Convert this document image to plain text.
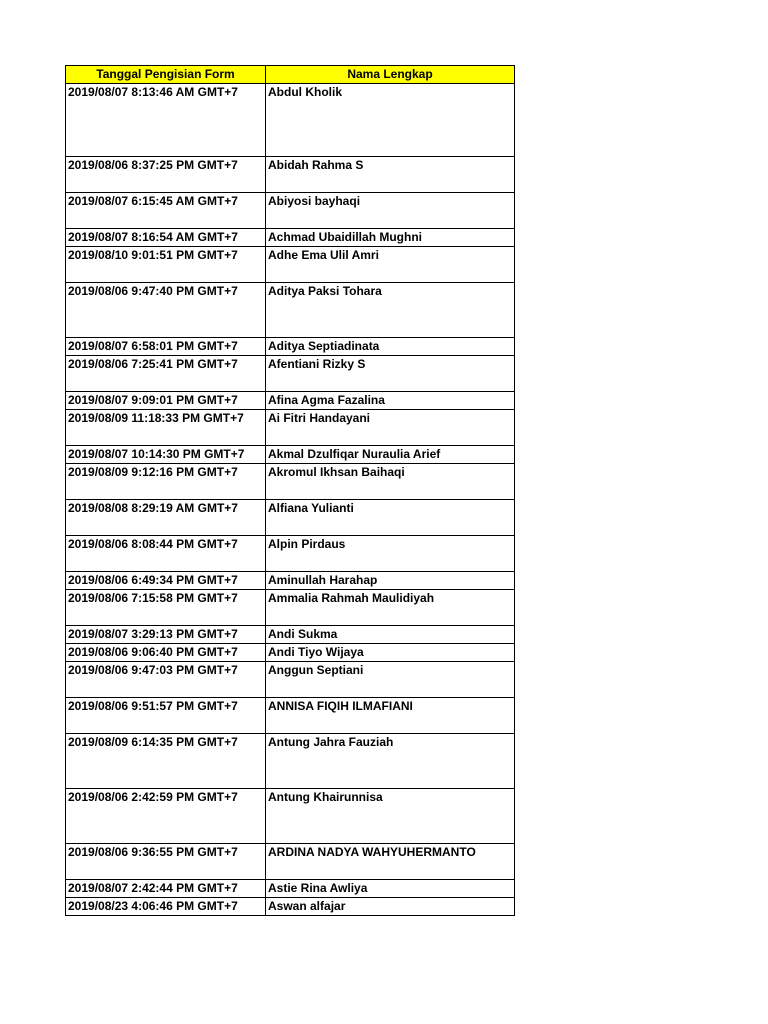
Tanggal Pengisian Form	Nama Lengkap
2019/08/07 8:13:46 AM GMT+7	Abdul Kholik
2019/08/06 8:37:25 PM GMT+7	Abidah Rahma S
2019/08/07 6:15:45 AM GMT+7	Abiyosi bayhaqi
2019/08/07 8:16:54 AM GMT+7	Achmad Ubaidillah Mughni
2019/08/10 9:01:51 PM GMT+7	Adhe Ema Ulil Amri
2019/08/06 9:47:40 PM GMT+7	Aditya Paksi Tohara
2019/08/07 6:58:01 PM GMT+7	Aditya Septiadinata
2019/08/06 7:25:41 PM GMT+7	Afentiani Rizky S
2019/08/07 9:09:01 PM GMT+7	Afina Agma Fazalina
2019/08/09 11:18:33 PM GMT+7	Ai Fitri Handayani
2019/08/07 10:14:30 PM GMT+7	Akmal Dzulfiqar Nuraulia Arief
2019/08/09 9:12:16 PM GMT+7	Akromul Ikhsan Baihaqi
2019/08/08 8:29:19 AM GMT+7	Alfiana Yulianti
2019/08/06 8:08:44 PM GMT+7	Alpin Pirdaus
2019/08/06 6:49:34 PM GMT+7	Aminullah Harahap
2019/08/06 7:15:58 PM GMT+7	Ammalia Rahmah Maulidiyah
2019/08/07 3:29:13 PM GMT+7	Andi Sukma
2019/08/06 9:06:40 PM GMT+7	Andi Tiyo Wijaya
2019/08/06 9:47:03 PM GMT+7	Anggun Septiani
2019/08/06 9:51:57 PM GMT+7	ANNISA FIQIH ILMAFIANI
2019/08/09 6:14:35 PM GMT+7	Antung Jahra Fauziah
2019/08/06 2:42:59 PM GMT+7	Antung Khairunnisa
2019/08/06 9:36:55 PM GMT+7	ARDINA NADYA WAHYUHERMANTO
2019/08/07 2:42:44 PM GMT+7	Astie Rina Awliya
2019/08/23 4:06:46 PM GMT+7	Aswan alfajar
